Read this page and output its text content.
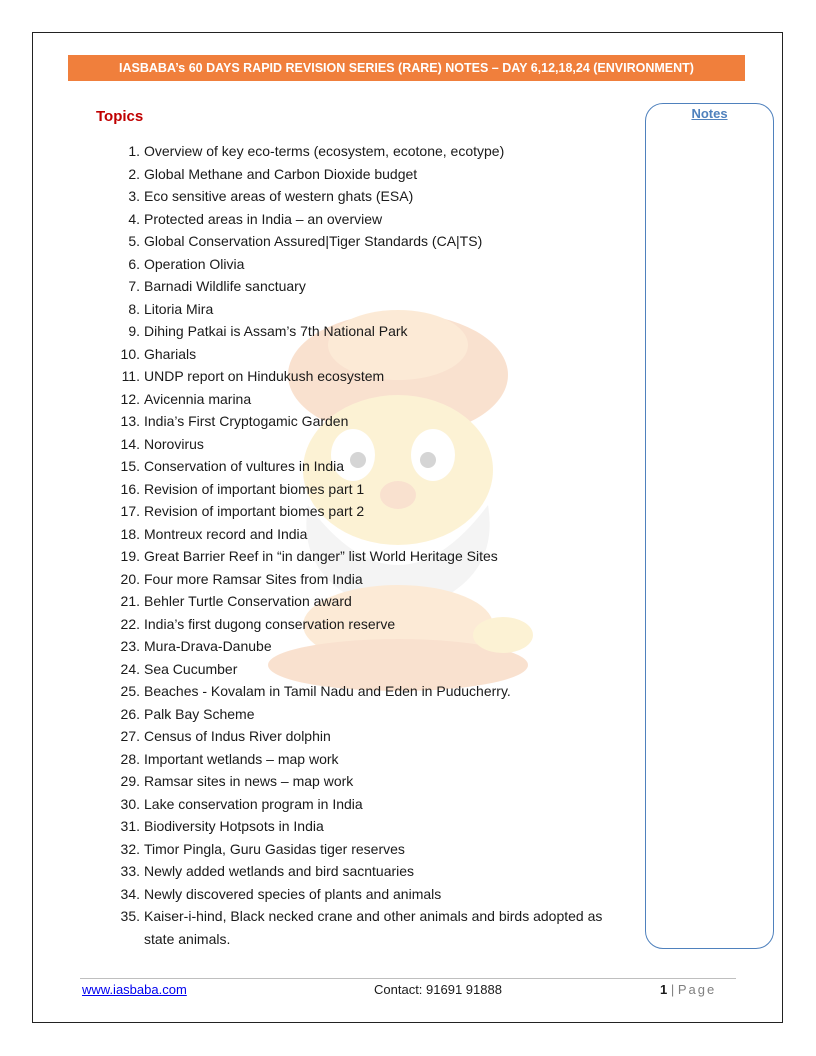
IASBABA’s 60 DAYS RAPID REVISION SERIES (RARE) NOTES – DAY 6,12,18,24 (ENVIRONMENT)
Topics
1. Overview of key eco-terms (ecosystem, ecotone, ecotype)
2. Global Methane and Carbon Dioxide budget
3. Eco sensitive areas of western ghats (ESA)
4. Protected areas in India – an overview
5. Global Conservation Assured|Tiger Standards (CA|TS)
6. Operation Olivia
7. Barnadi Wildlife sanctuary
8. Litoria Mira
9. Dihing Patkai is Assam’s 7th National Park
10. Gharials
11. UNDP report on Hindukush ecosystem
12. Avicennia marina
13. India’s First Cryptogamic Garden
14. Norovirus
15. Conservation of vultures in India
16. Revision of important biomes part 1
17. Revision of important biomes part 2
18. Montreux record and India
19. Great Barrier Reef in “in danger” list World Heritage Sites
20. Four more Ramsar Sites from India
21. Behler Turtle Conservation award
22. India’s first dugong conservation reserve
23. Mura-Drava-Danube
24. Sea Cucumber
25. Beaches - Kovalam in Tamil Nadu and Eden in Puducherry.
26. Palk Bay Scheme
27. Census of Indus River dolphin
28. Important wetlands – map work
29. Ramsar sites in news – map work
30. Lake conservation program in India
31. Biodiversity Hotpsots in India
32. Timor Pingla, Guru Gasidas tiger reserves
33. Newly added wetlands and bird sacntuaries
34. Newly discovered species of plants and animals
35. Kaiser-i-hind, Black necked crane and other animals and birds adopted as state animals.
Notes
www.iasbaba.com	Contact: 91691 91888	1 | Page
